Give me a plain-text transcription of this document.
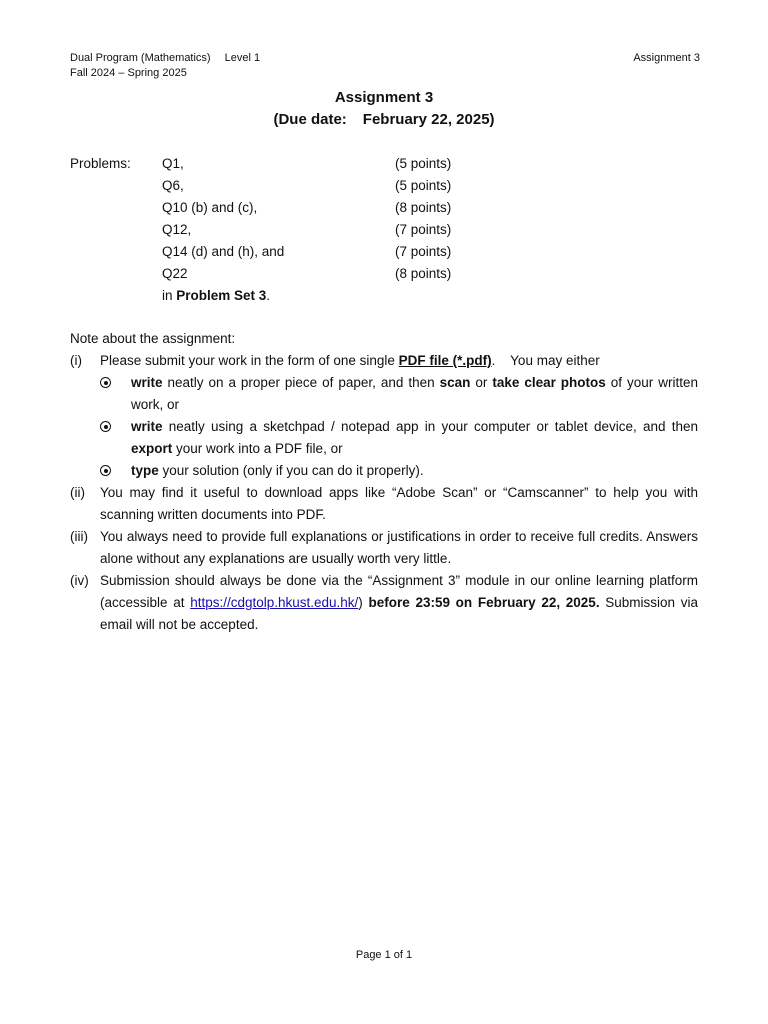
Dual Program (Mathematics) Level 1
Fall 2024 – Spring 2025
Assignment 3
Assignment 3
(Due date: February 22, 2025)
Problems: Q1,	(5 points)
Q6,	(5 points)
Q10 (b) and (c),	(8 points)
Q12,	(7 points)
Q14 (d) and (h), and	(7 points)
Q22	(8 points)
in Problem Set 3.
Note about the assignment:
(i) Please submit your work in the form of one single PDF file (*.pdf).    You may either
write neatly on a proper piece of paper, and then scan or take clear photos of your written work, or
write neatly using a sketchpad / notepad app in your computer or tablet device, and then export your work into a PDF file, or
type your solution (only if you can do it properly).
(ii) You may find it useful to download apps like “Adobe Scan” or “Camscanner” to help you with scanning written documents into PDF.
(iii) You always need to provide full explanations or justifications in order to receive full credits. Answers alone without any explanations are usually worth very little.
(iv) Submission should always be done via the “Assignment 3” module in our online learning platform (accessible at https://cdgtolp.hkust.edu.hk/) before 23:59 on February 22, 2025. Submission via email will not be accepted.
Page 1 of 1
